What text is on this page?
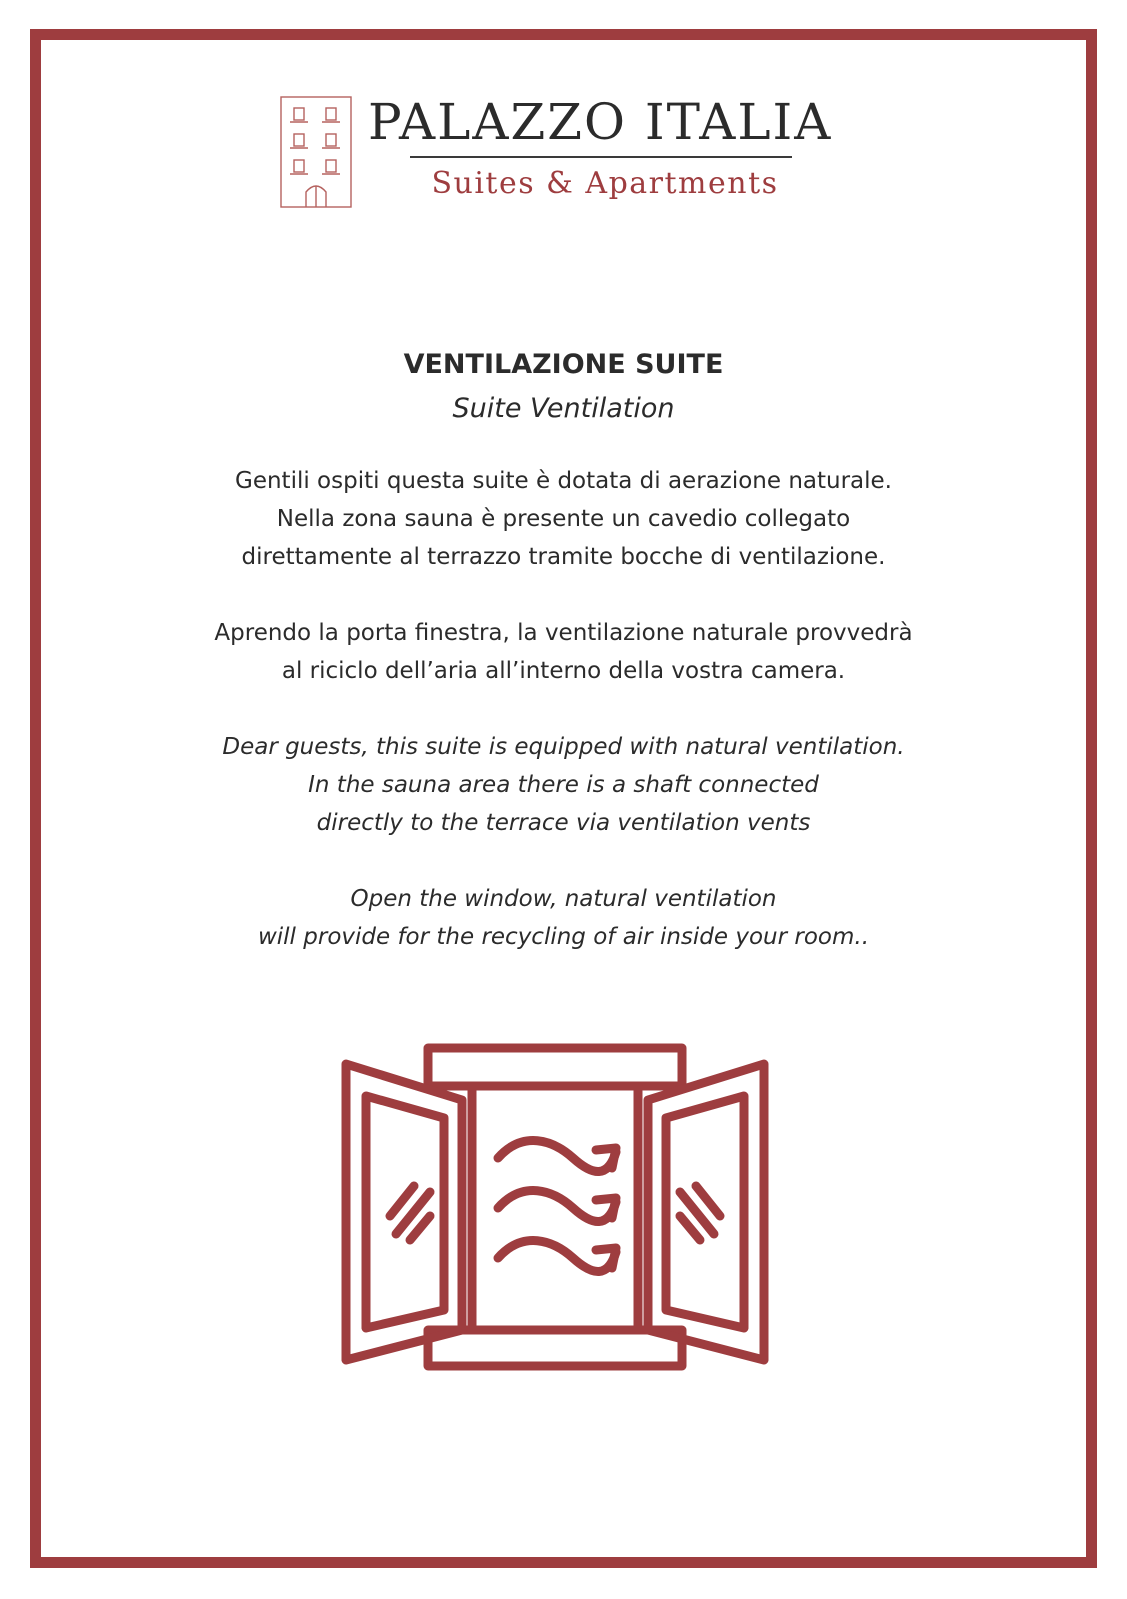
PALAZZO ITALIA
Suites & Apartments
VENTILAZIONE SUITE

Suite Ventilation

Gentili ospiti questa suite è dotata di aerazione naturale.
Nella zona sauna è presente un cavedio collegato
direttamente al terrazzo tramite bocche di ventilazione.

Aprendo la porta finestra, la ventilazione naturale provvedrà
al riciclo dell’aria all’interno della vostra camera.

Dear guests, this suite is equipped with natural ventilation.
In the sauna area there is a shaft connected
directly to the terrace via ventilation vents

Open the window, natural ventilation
will provide for the recycling of air inside your room..
